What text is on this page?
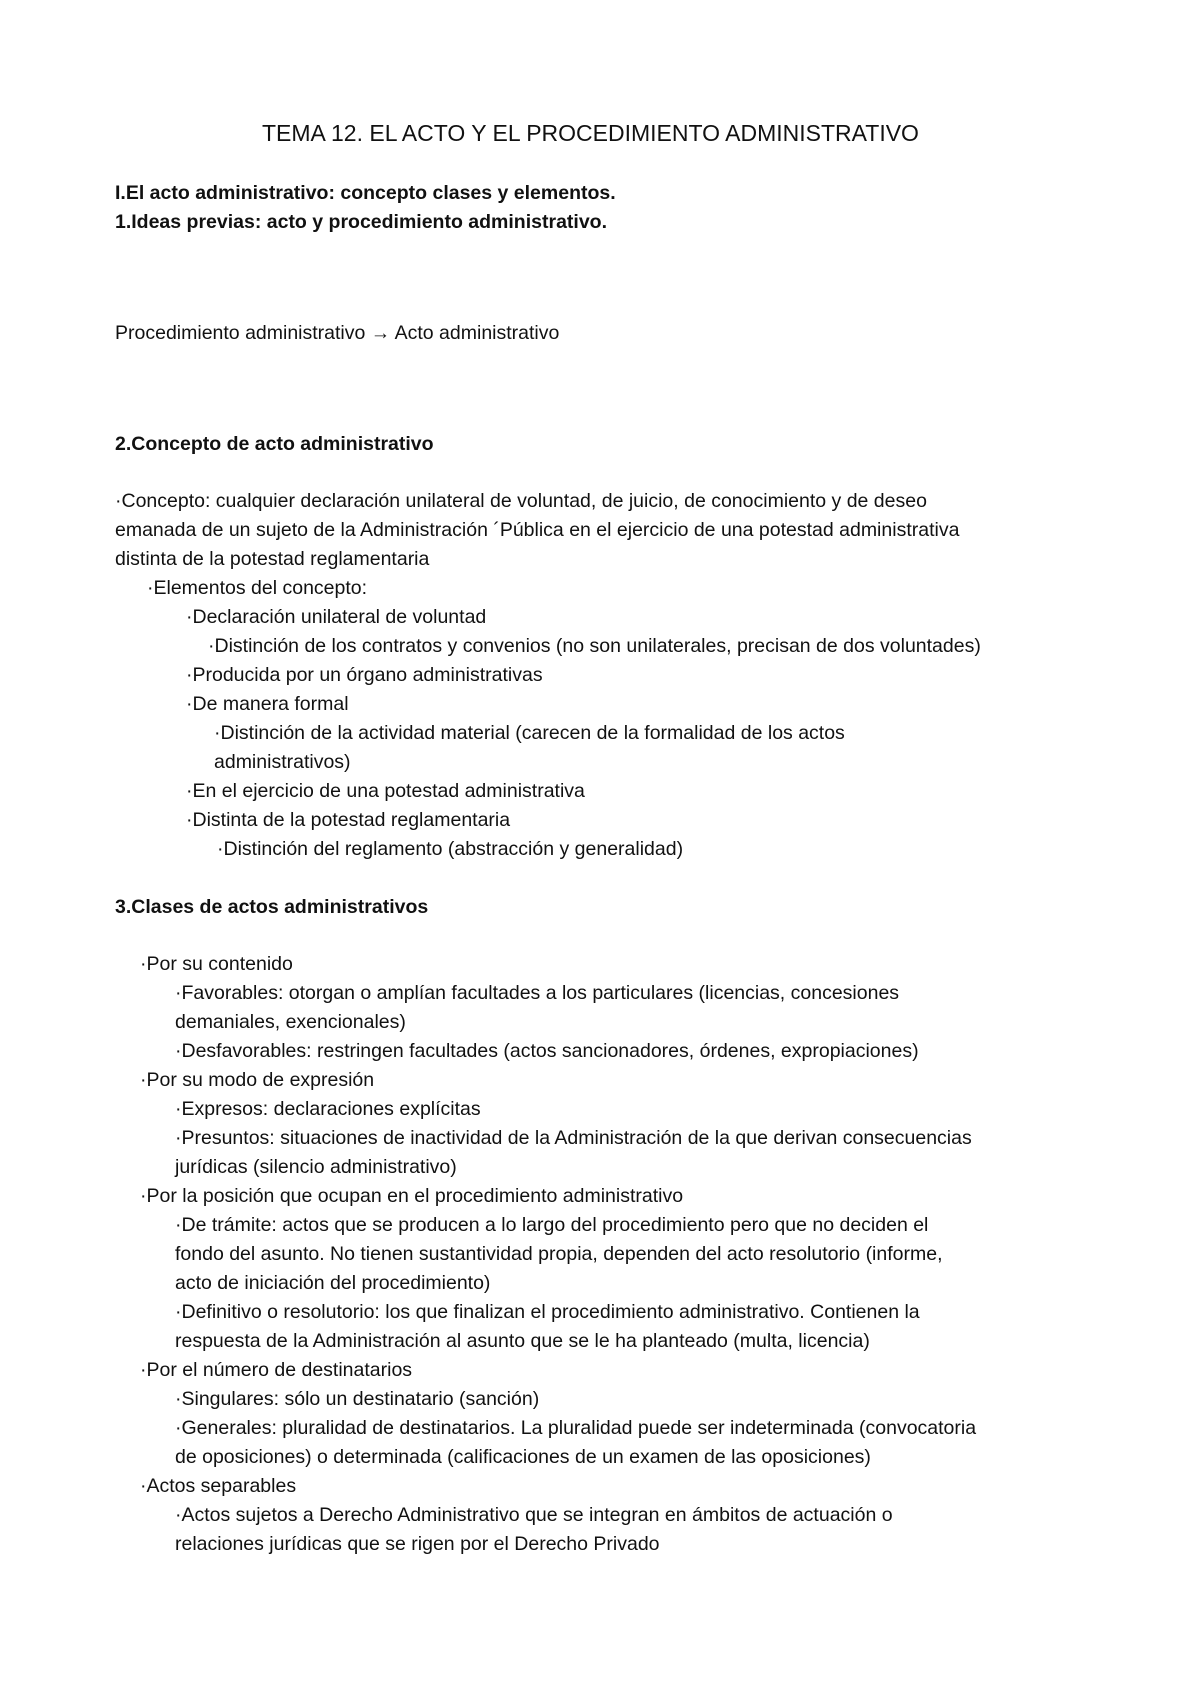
TEMA 12. EL ACTO Y EL PROCEDIMIENTO ADMINISTRATIVO
I.El acto administrativo: concepto clases y elementos.
1.Ideas previas: acto y procedimiento administrativo.
Procedimiento administrativo → Acto administrativo
2.Concepto de acto administrativo
·Concepto: cualquier declaración unilateral de voluntad, de juicio, de conocimiento y de deseo
emanada de un sujeto de la Administración ´Pública en el ejercicio de una potestad administrativa
distinta de la potestad reglamentaria
·Elementos del concepto:
·Declaración unilateral de voluntad
·Distinción de los contratos y convenios (no son unilaterales, precisan de dos voluntades)
·Producida por un órgano administrativas
·De manera formal
·Distinción de la actividad material (carecen de la formalidad de los actos
administrativos)
·En el ejercicio de una potestad administrativa
·Distinta de la potestad reglamentaria
·Distinción del reglamento (abstracción y generalidad)
3.Clases de actos administrativos
·Por su contenido
·Favorables: otorgan o amplían facultades a los particulares (licencias, concesiones
demaniales, exencionales)
·Desfavorables: restringen facultades (actos sancionadores, órdenes, expropiaciones)
·Por su modo de expresión
·Expresos: declaraciones explícitas
·Presuntos: situaciones de inactividad de la Administración de la que derivan consecuencias
jurídicas (silencio administrativo)
·Por la posición que ocupan en el procedimiento administrativo
·De trámite: actos que se producen a lo largo del procedimiento pero que no deciden el
fondo del asunto. No tienen sustantividad propia, dependen del acto resolutorio (informe,
acto de iniciación del procedimiento)
·Definitivo o resolutorio: los que finalizan el procedimiento administrativo. Contienen la
respuesta de la Administración al asunto que se le ha planteado (multa, licencia)
·Por el número de destinatarios
·Singulares: sólo un destinatario (sanción)
·Generales: pluralidad de destinatarios. La pluralidad puede ser indeterminada (convocatoria
de oposiciones) o determinada (calificaciones de un examen de las oposiciones)
·Actos separables
·Actos sujetos a Derecho Administrativo que se integran en ámbitos de actuación o
relaciones jurídicas que se rigen por el Derecho Privado
